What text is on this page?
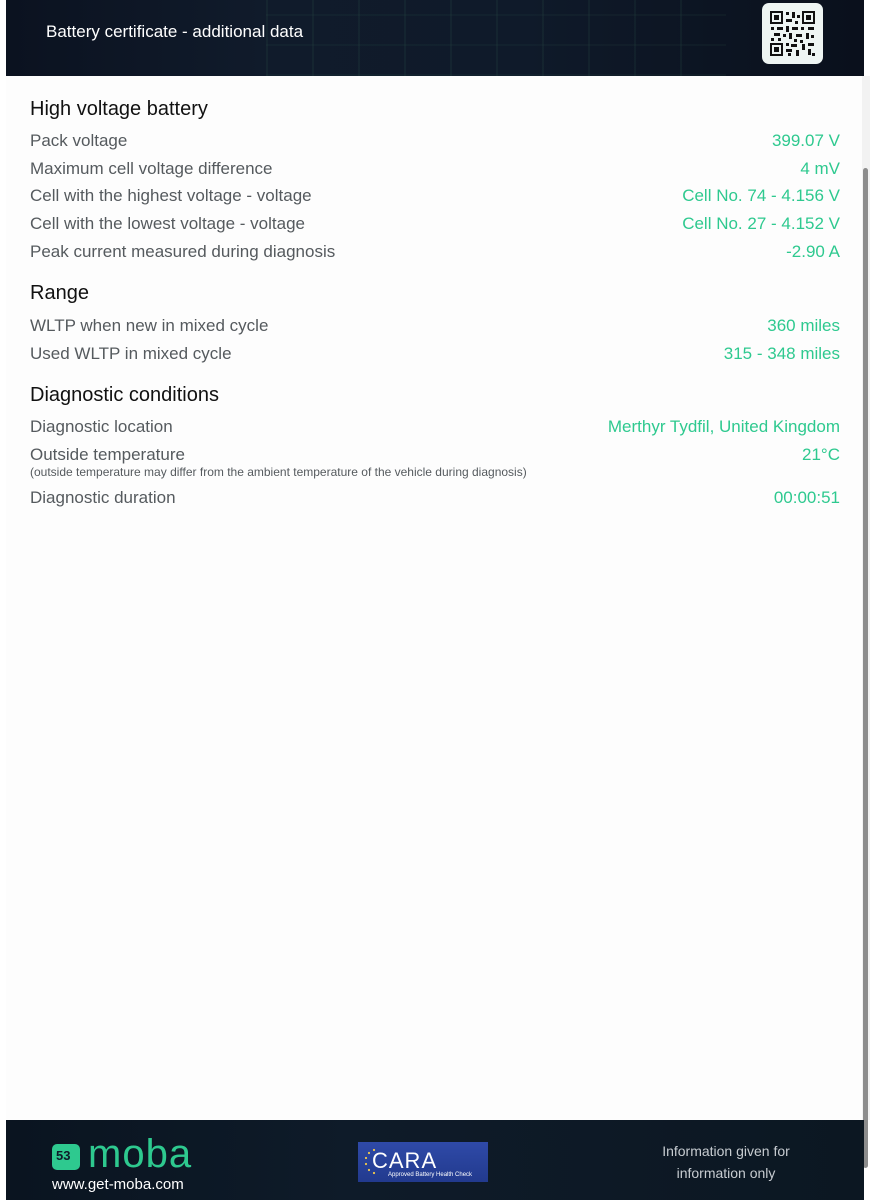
Battery certificate - additional data
High voltage battery
Pack voltage	399.07 V
Maximum cell voltage difference	4 mV
Cell with the highest voltage - voltage	Cell No. 74 - 4.156 V
Cell with the lowest voltage - voltage	Cell No. 27 - 4.152 V
Peak current measured during diagnosis	-2.90 A
Range
WLTP when new in mixed cycle	360 miles
Used WLTP in mixed cycle	315 - 348 miles
Diagnostic conditions
Diagnostic location	Merthyr Tydfil, United Kingdom
Outside temperature	21°C
(outside temperature may differ from the ambient temperature of the vehicle during diagnosis)
Diagnostic duration	00:00:51
53 moba
www.get-moba.com
CARA
Approved Battery Health Check
Information given for
information only
